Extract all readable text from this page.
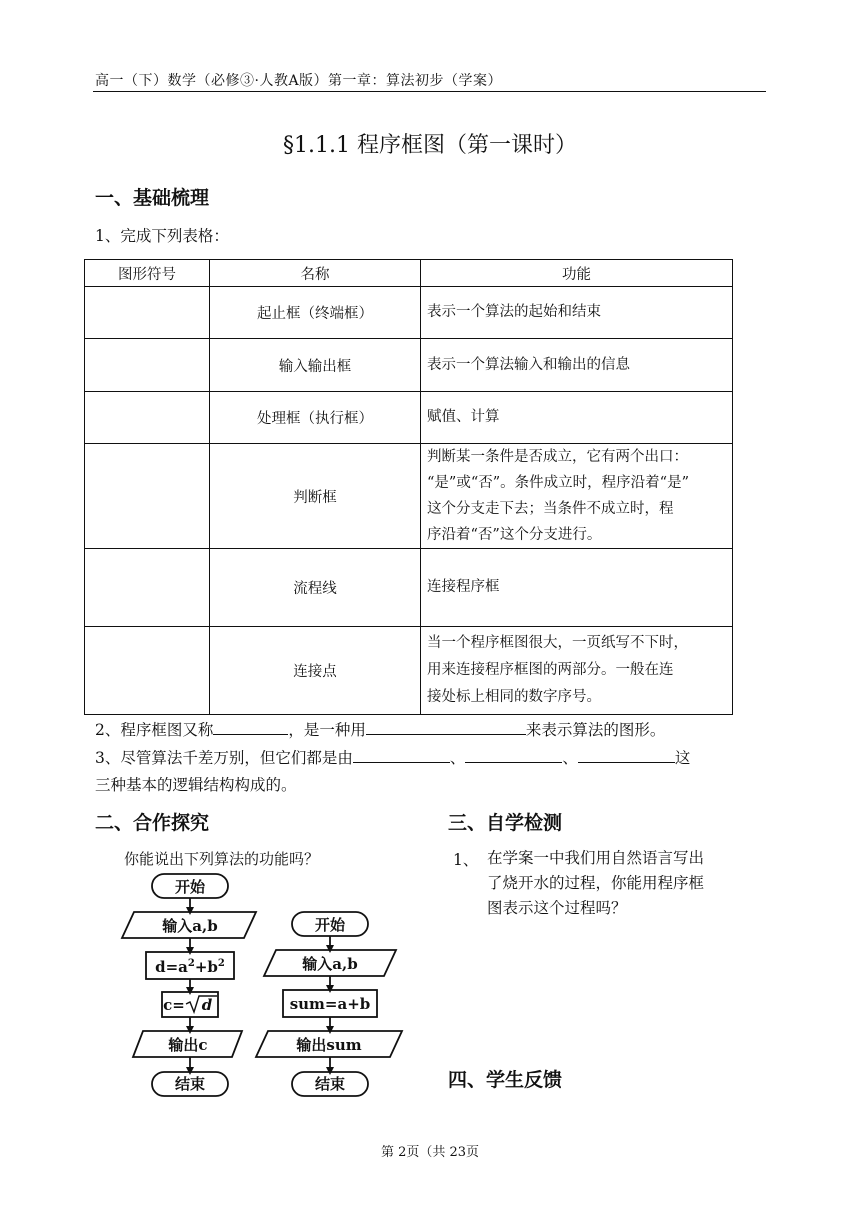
高一（下）数学（必修③·人教A版）第一章：算法初步（学案）
§1.1.1 程序框图（第一课时）
一、基础梳理
1、完成下列表格：
图形符号	名称	功能
	起止框（终端框）	表示一个算法的起始和结束
	输入输出框	表示一个算法输入和输出的信息
	处理框（执行框）	赋值、计算
	判断框	判断某一条件是否成立，它有两个出口：
“是”或“否”。条件成立时，程序沿着“是”
这个分支走下去；当条件不成立时，程
序沿着“否”这个分支进行。

	流程线	连接程序框
	连接点	当一个程序框图很大，一页纸写不下时，
用来连接程序框图的两部分。一般在连
接处标上相同的数字序号。
2、程序框图又称	，是一种用	来表示算法的图形。
3、尽管算法千差万别，但它们都是由	、	、	这
三种基本的逻辑结构构成的。
二、合作探究
你能说出下列算法的功能吗？
开始
输入a,b
$d=a^2+b^2$
c= d
输出c
结束
开始
输入a,b
sum=a+b
输出sum
结束
三、自学检测
1、 在学案一中我们用自然语言写出
了烧开水的过程，你能用程序框
图表示这个过程吗？
四、学生反馈
第 2页（共 23页
